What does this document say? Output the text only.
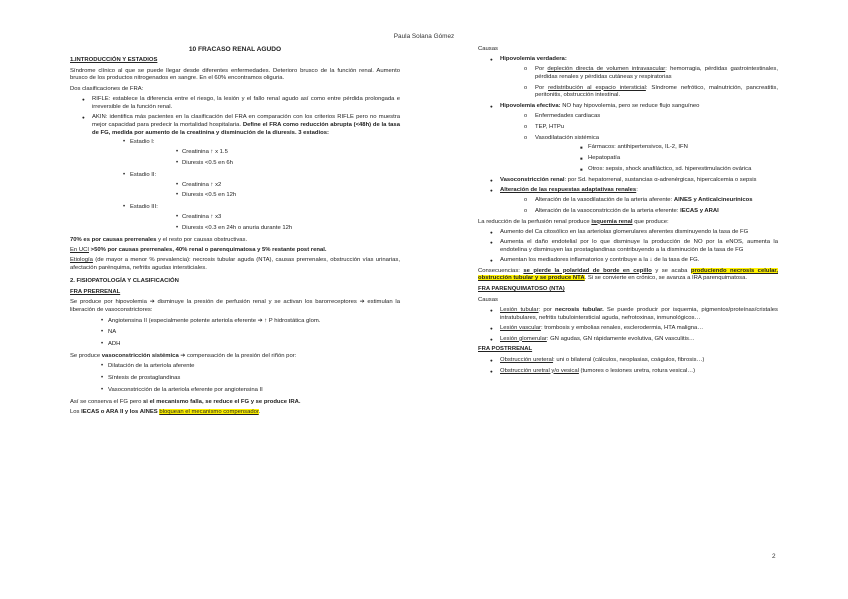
Paula Solana Gómez
10 FRACASO RENAL AGUDO
1.INTRODUCCIÓN Y ESTADIOS

Síndrome clínico al que se puede llegar desde diferentes enfermedades. Deterioro brusco de la función renal. Aumento brusco de los productos nitrogenados en sangre. En el 60% encontramos oliguria.

Dos clasificaciones de FRA:

● RIFLE: establece la diferencia entre el riesgo, la lesión y el fallo renal agudo así como entre pérdida prolongada e irreversible de la función renal.
● AKIN: identifica más pacientes en la clasificación del FRA en comparación con los criterios RIFLE pero no muestra mejor capacidad para predecir la mortalidad hospitalaria. Define el FRA como reducción abrupta (<48h) de la tasa de FG, medida por aumento de la creatinina y disminución de la diuresis. 3 estadios:
• Estadio I:
• Creatinina ↑ x 1.5
• Diuresis <0.5 en 6h
• Estadio II:
• Creatinina ↑ x2
• Diuresis <0.5 en 12h
• Estadio III:
• Creatinina ↑ x3
• Diuresis <0.3 en 24h o anuria durante 12h

70% es por causas prerrenales y el resto por causas obstructivas.

En UCI >50% por causas prerrenales, 40% renal o parenquimatosa y 5% restante post renal.

Etiología (de mayor a menor % prevalencia): necrosis tubular aguda (NTA), causas prerrenales, obstrucción vías urinarias, afectación parénquima, nefritis agudas intersticiales.

2. FISIOPATOLOGÍA Y CLASIFICACIÓN
FRA PRERRENAL

Se produce por hipovolemia ➔ disminuye la presión de perfusión renal y se activan los barorreceptores ➔ estimulan la liberación de vasoconstrictores:

• Angiotensina II (especialmente potente arteriola eferente ➔ ↑ P hidrostática glom.
• NA
• ADH

Se produce vasoconstricción sistémica ➔ compensación de la presión del riñón por:

• Dilatación de la arteriola aferente
• Síntesis de prostaglandinas
• Vasoconstricción de la arteriola eferente por angiotensina II

Así se conserva el FG pero si el mecanismo falla, se reduce el FG y se produce IRA.

Los IECAS o ARA II y los AINES bloquean el mecanismo compensador.

Causas

● Hipovolemia verdadera:
o Por depleción directa de volumen intravascular: hemorragia, pérdidas gastrointestinales, pérdidas renales y pérdidas cutáneas y respiratorias
o Por redistribución al espacio intersticial: Síndrome nefrótico, malnutrición, pancreatitis, peritonitis, obstrucción intestinal.
● Hipovolemia efectiva: NO hay hipovolemia, pero se reduce flujo sanguíneo
o Enfermedades cardiacas
o TEP, HTPu
o Vasodilatación sistémica
■ Fármacos: antihipertensivos, IL-2, IFN
■ Hepatopatía
■ Otros: sepsis, shock anafiláctico, sd. hiperestimulación ovárica
● Vasoconstricción renal: por Sd. hepatorrenal, sustancias α-adrenérgicas, hipercalcemia o sepsis
● Alteración de las respuestas adaptativas renales:
o Alteración de la vasodilatación de la arteria aferente: AINES y Anticalcineurínicos
o Alteración de la vasoconstricción de la arteria eferente: IECAS y ARAI

La reducción de la perfusión renal produce isquemia renal que produce:

● Aumento del Ca citosólico en las arteriolas glomerulares aferentes disminuyendo la tasa de FG
● Aumenta el daño endotelial por lo que disminuye la producción de NO por la eNOS, aumenta la endotelina y disminuyen las prostaglandinas contribuyendo a la disminución de la tasa de FG
● Aumentan los mediadores inflamatorios y contribuye a la ↓ de la tasa de FG.

Consecuencias: se pierde la polaridad de borde en cepillo y se acaba produciendo necrosis celular, obstrucción tubular y se produce NTA. Si se convierte en crónico, se avanza a IRA parenquimatosa.

FRA PARENQUIMATOSO (NTA)

Causas

● Lesión tubular: por necrosis tubular. Se puede producir por isquemia, pigmentos/proteínas/cristales intratubulares, nefritis tubulointersticial aguda, nefrotoxinas, inmunológicos…
● Lesión vascular: trombosis y embolias renales, esclerodermia, HTA maligna…
● Lesión glomerular: GN agudas, GN rápidamente evolutiva, GN vasculitis…
FRA POSTRRENAL
● Obstrucción ureteral: uni o bilateral (cálculos, neoplasias, coágulos, fibrosis…)
● Obstrucción uretral y/o vesical (tumores o lesiones uretra, rotura vesical…)
2
